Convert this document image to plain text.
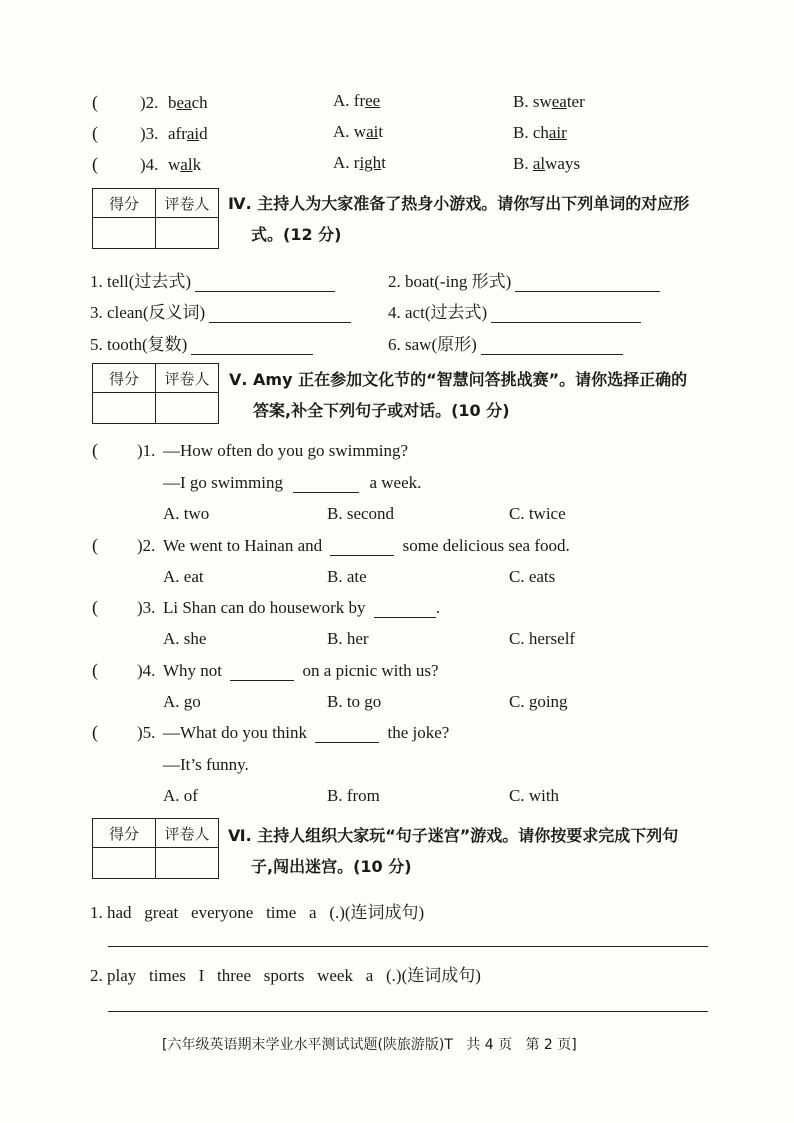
( )2. beach	A. free	B. sweater
( )3. afraid	A. wait	B. chair
( )4. walk	A. right	B. always
得分	评卷人
	Ⅳ. 主持人为大家准备了热身小游戏。请你写出下列单词的对应形
式。(12 分)
1. tell(过去式)	2. boat(-ing 形式)
3. clean(反义词)	4. act(过去式)
5. tooth(复数)	6. saw(原形)
得分	评卷人
	Ⅴ. Amy 正在参加文化节的“智慧问答挑战赛”。请你选择正确的
答案,补全下列句子或对话。(10 分)
( )1. —How often do you go swimming?
—I go swimming	a week.
A. two	B. second	C. twice
( )2. We went to Hainan and	some delicious sea food.
A. eat	B. ate	C. eats
( )3. Li Shan can do housework by	.
A. she	B. her	C. herself
( )4. Why not	on a picnic with us?
A. go	B. to go	C. going
( )5. —What do you think	the joke?
—It’s funny.
A. of	B. from	C. with
得分	评卷人
	Ⅵ. 主持人组织大家玩“句子迷宫”游戏。请你按要求完成下列句
子,闯出迷宫。(10 分)
1. had   great   everyone   time   a   (.)(连词成句)
2. play   times   I   three   sports   week   a   (.)(连词成句)
[六年级英语期末学业水平测试试题(陕旅游版)T   共 4 页   第 2 页]
